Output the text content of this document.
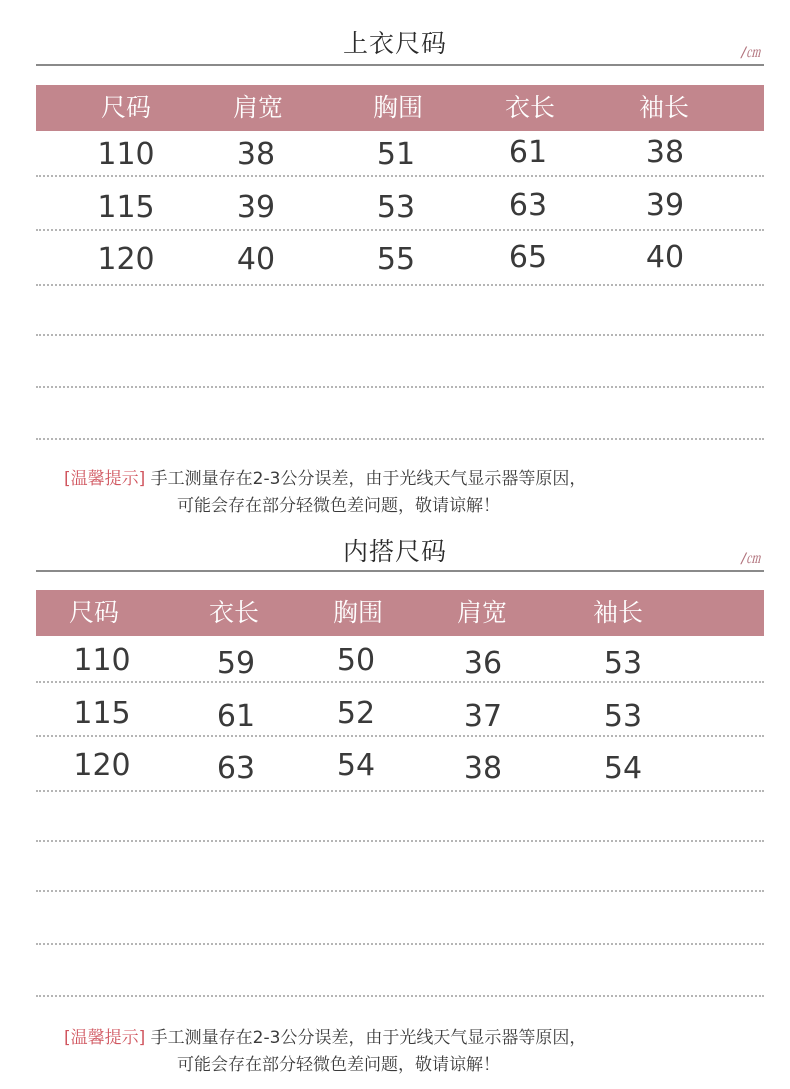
上衣尺码	/㎝
尺码	肩宽	胸围	衣长	袖长
110	38	51	61	38
115	39	53	63	39
120	40	55	65	40
[温馨提示] 手工测量存在2-3公分误差，由于光线天气显示器等原因，
可能会存在部分轻微色差问题，敬请谅解！
内搭尺码	/㎝
尺码	衣长	胸围	肩宽	袖长
110	59	50	36	53
115	61	52	37	53
120	63	54	38	54
[温馨提示] 手工测量存在2-3公分误差，由于光线天气显示器等原因，
可能会存在部分轻微色差问题，敬请谅解！
